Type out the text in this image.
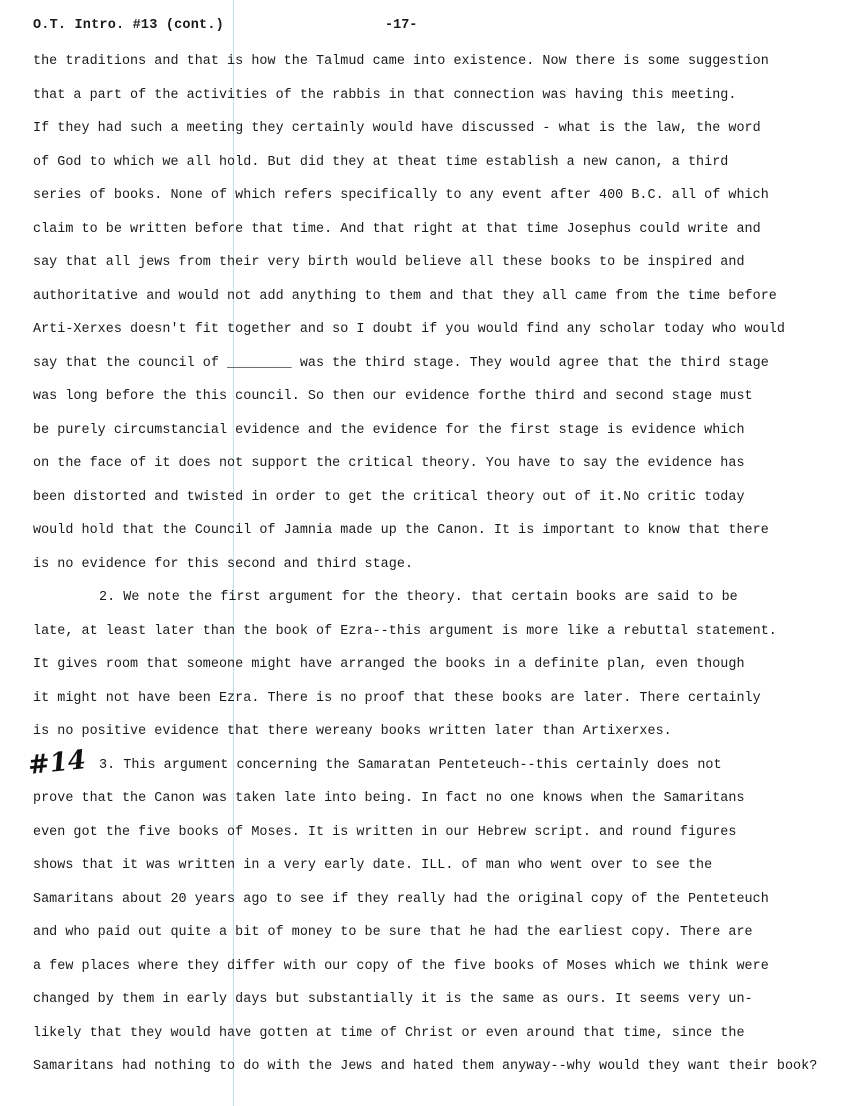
O.T. Intro. #13 (cont.)	-17-
#14
the traditions and that is how the Talmud came into existence. Now there is some suggestion
that a part of the activities of the rabbis in that connection was having this meeting.
If they had such a meeting they certainly would have discussed - what is the law, the word
of God to which we all hold. But did they at theat time establish a new canon, a third
series of books. None of which refers specifically to any event after 400 B.C. all of which
claim to be written before that time. And that right at that time Josephus could write and
say that all jews from their very birth would believe all these books to be inspired and
authoritative and would not add anything to them and that they all came from the time before
Arti-Xerxes doesn't fit together and so I doubt if you would find any scholar today who would
say that the council of ________ was the third stage. They would agree that the third stage
was long before the this council. So then our evidence forthe third and second stage must
be purely circumstancial evidence and the evidence for the first stage is evidence which
on the face of it does not support the critical theory. You have to say the evidence has
been distorted and twisted in order to get the critical theory out of it.No critic today
would hold that the Council of Jamnia made up the Canon. It is important to know that there
is no evidence for this second and third stage.
2. We note the first argument for the theory. that certain books are said to be
late, at least later than the book of Ezra--this argument is more like a rebuttal statement.
It gives room that someone might have arranged the books in a definite plan, even though
it might not have been Ezra. There is no proof that these books are later. There certainly
is no positive evidence that there wereany books written later than Artixerxes.
3. This argument concerning the Samaratan Penteteuch--this certainly does not
prove that the Canon was taken late into being. In fact no one knows when the Samaritans
even got the five books of Moses. It is written in our Hebrew script. and round figures
shows that it was written in a very early date. ILL. of man who went over to see the
Samaritans about 20 years ago to see if they really had the original copy of the Penteteuch
and who paid out quite a bit of money to be sure that he had the earliest copy. There are
a few places where they differ with our copy of the five books of Moses which we think were
changed by them in early days but substantially it is the same as ours. It seems very un-
likely that they would have gotten at time of Christ or even around that time, since the
Samaritans had nothing to do with the Jews and hated them anyway--why would they want their book?
